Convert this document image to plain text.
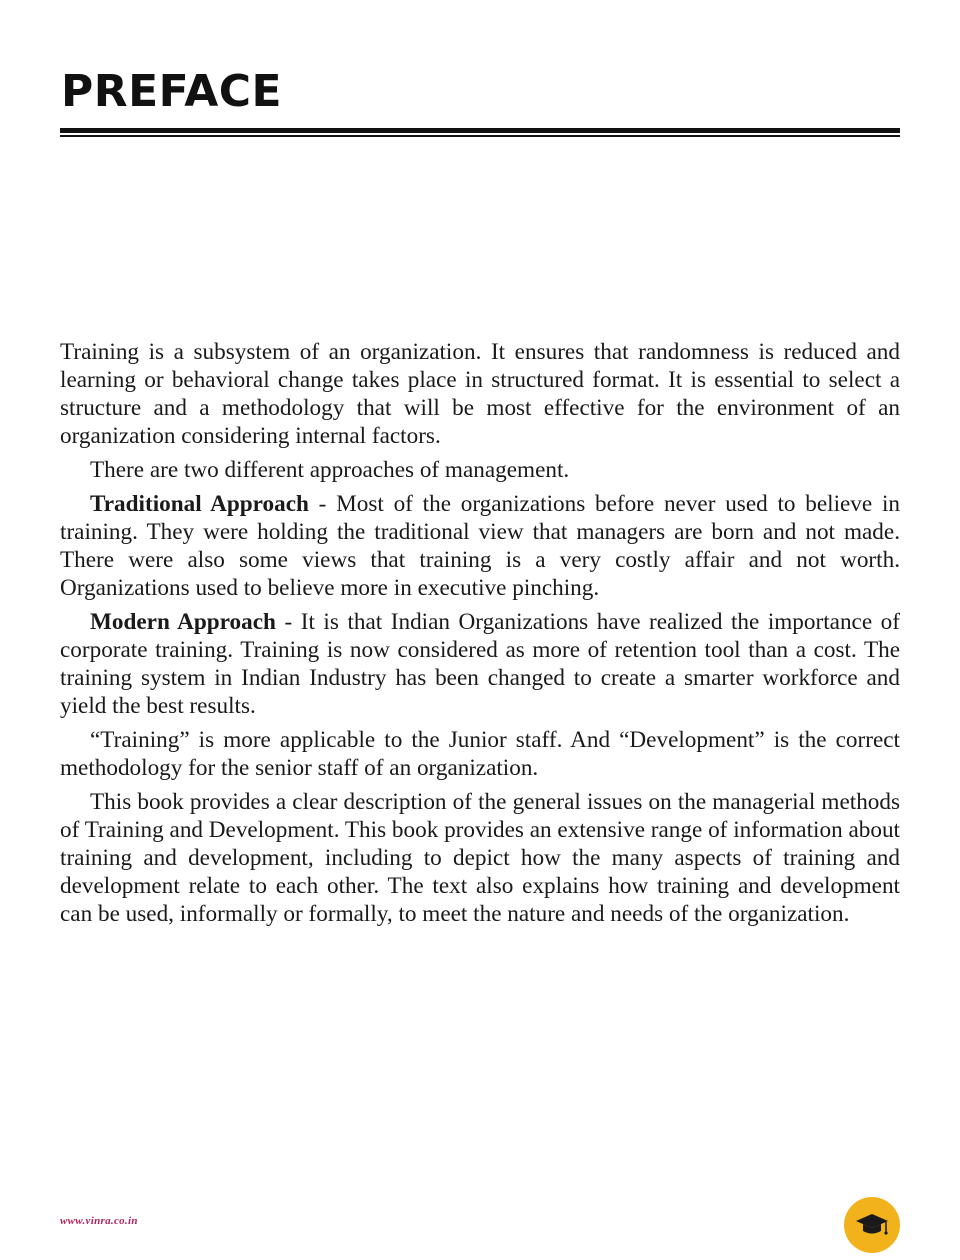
PREFACE

Training is a subsystem of an organization. It ensures that randomness is reduced and learning or behavioral change takes place in structured format. It is essential to select a structure and a methodology that will be most effective for the environment of an organization considering internal factors.

There are two different approaches of management.

Traditional Approach - Most of the organizations before never used to believe in training. They were holding the traditional view that managers are born and not made. There were also some views that training is a very costly affair and not worth. Organizations used to believe more in executive pinching.

Modern Approach - It is that Indian Organizations have realized the importance of corporate training. Training is now considered as more of retention tool than a cost. The training system in Indian Industry has been changed to create a smarter workforce and yield the best results.

“Training” is more applicable to the Junior staff. And “Development” is the correct methodology for the senior staff of an organization.

This book provides a clear description of the general issues on the managerial methods of Training and Development. This book provides an extensive range of information about training and development, including to depict how the many aspects of training and development relate to each other. The text also explains how training and development can be used, informally or formally, to meet the nature and needs of the organization.

www.vinra.co.in
